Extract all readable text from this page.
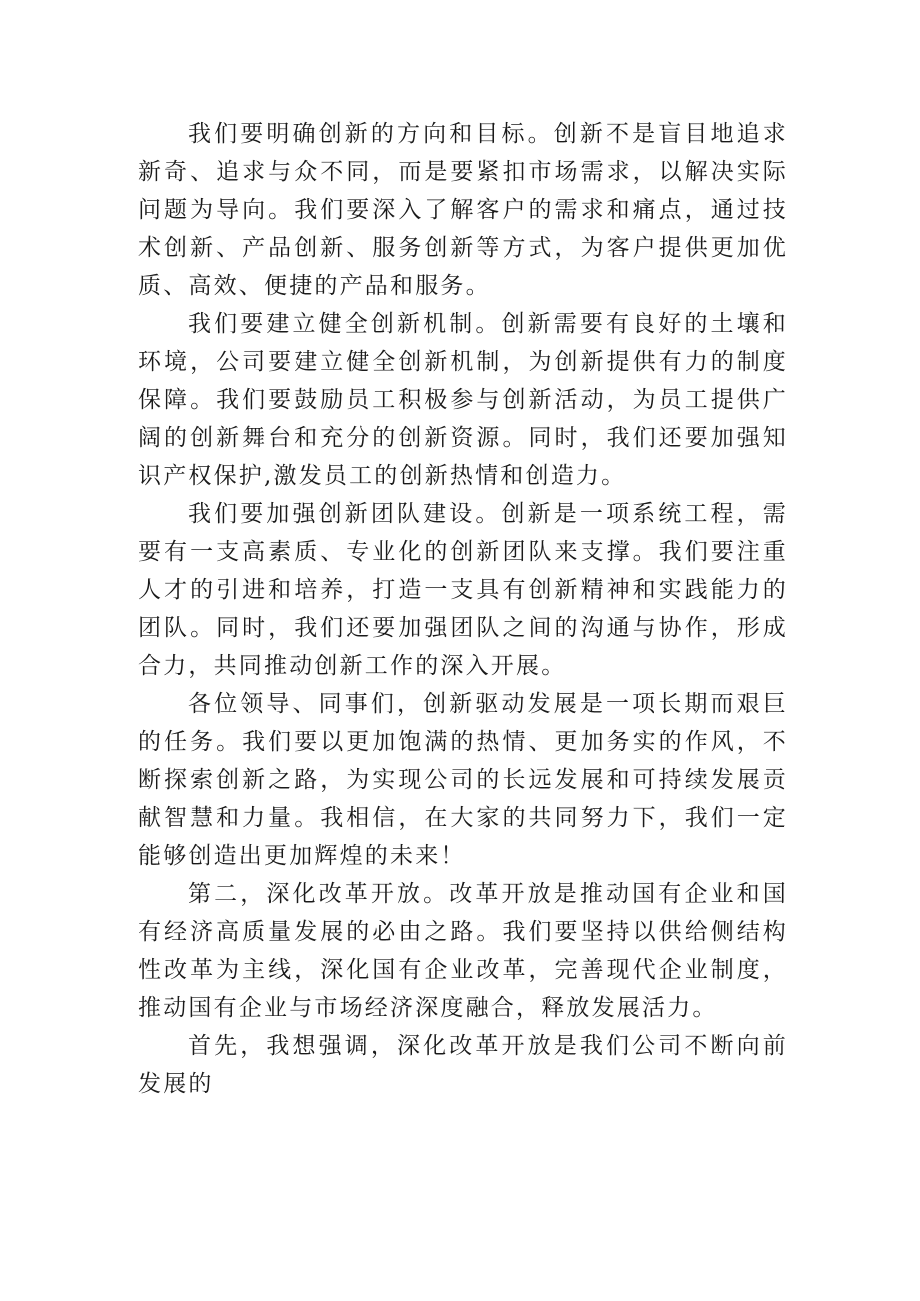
我们要明确创新的方向和目标。创新不是盲目地追求新奇、追求与众不同，而是要紧扣市场需求，以解决实际问题为导向。我们要深入了解客户的需求和痛点，通过技术创新、产品创新、服务创新等方式，为客户提供更加优质、高效、便捷的产品和服务。

我们要建立健全创新机制。创新需要有良好的土壤和环境，公司要建立健全创新机制，为创新提供有力的制度保障。我们要鼓励员工积极参与创新活动，为员工提供广阔的创新舞台和充分的创新资源。同时，我们还要加强知识产权保护,激发员工的创新热情和创造力。

我们要加强创新团队建设。创新是一项系统工程，需要有一支高素质、专业化的创新团队来支撑。我们要注重人才的引进和培养，打造一支具有创新精神和实践能力的团队。同时，我们还要加强团队之间的沟通与协作，形成合力，共同推动创新工作的深入开展。

各位领导、同事们，创新驱动发展是一项长期而艰巨的任务。我们要以更加饱满的热情、更加务实的作风，不断探索创新之路，为实现公司的长远发展和可持续发展贡献智慧和力量。我相信，在大家的共同努力下，我们一定能够创造出更加辉煌的未来！

第二，深化改革开放。改革开放是推动国有企业和国有经济高质量发展的必由之路。我们要坚持以供给侧结构性改革为主线，深化国有企业改革，完善现代企业制度，推动国有企业与市场经济深度融合，释放发展活力。

首先，我想强调，深化改革开放是我们公司不断向前发展的
